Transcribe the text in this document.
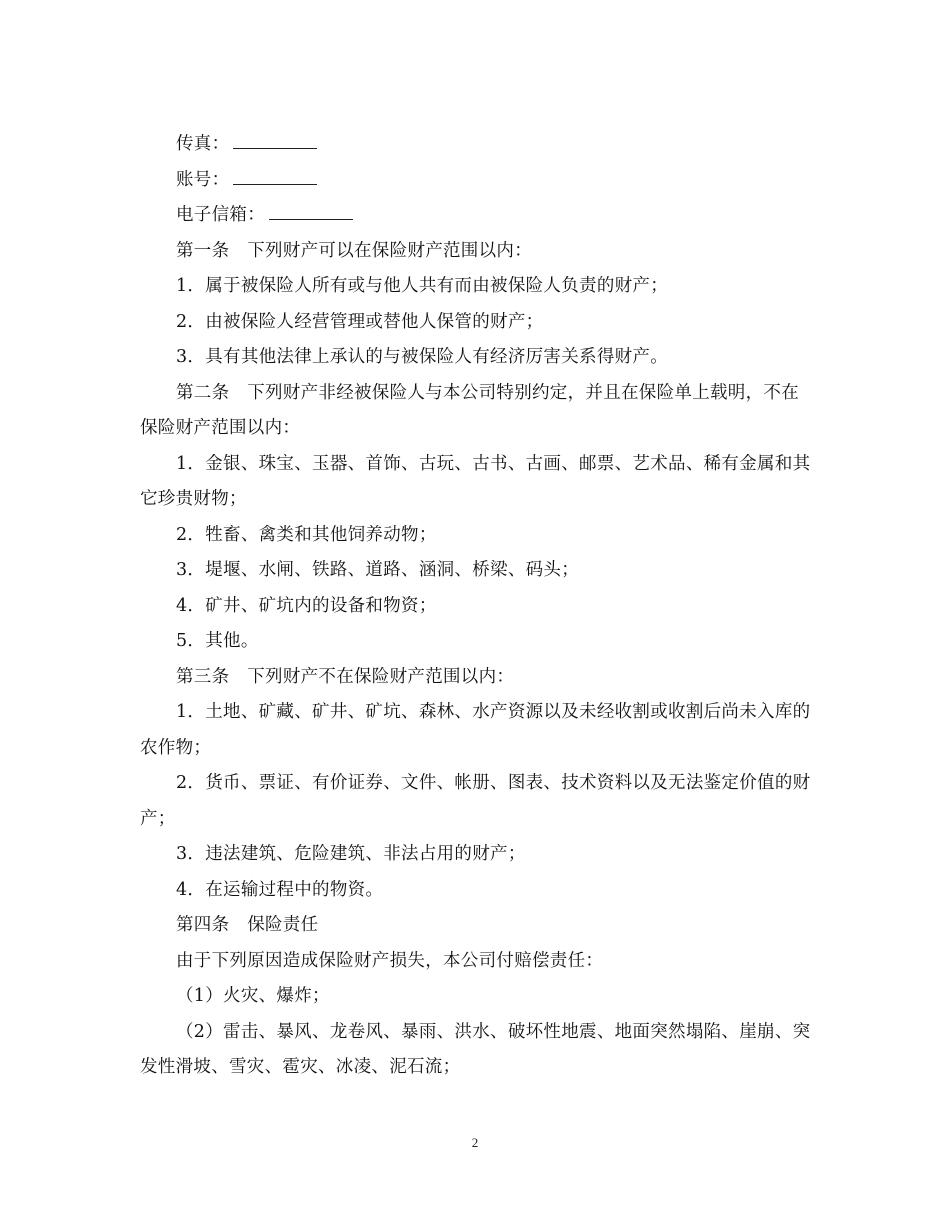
传真：

账号：

电子信箱：

第一条　下列财产可以在保险财产范围以内：

1．属于被保险人所有或与他人共有而由被保险人负责的财产；

2．由被保险人经营管理或替他人保管的财产；

3．具有其他法律上承认的与被保险人有经济厉害关系得财产。

第二条　下列财产非经被保险人与本公司特别约定，并且在保险单上载明，不在保险财产范围以内：

1．金银、珠宝、玉器、首饰、古玩、古书、古画、邮票、艺术品、稀有金属和其它珍贵财物；

2．牲畜、禽类和其他饲养动物；

3．堤堰、水闸、铁路、道路、涵洞、桥梁、码头；

4．矿井、矿坑内的设备和物资；

5．其他。

第三条　下列财产不在保险财产范围以内：

1．土地、矿藏、矿井、矿坑、森林、水产资源以及未经收割或收割后尚未入库的农作物；

2．货币、票证、有价证券、文件、帐册、图表、技术资料以及无法鉴定价值的财产；

3．违法建筑、危险建筑、非法占用的财产；

4．在运输过程中的物资。

第四条　保险责任

由于下列原因造成保险财产损失，本公司付赔偿责任：

（1）火灾、爆炸；

（2）雷击、暴风、龙卷风、暴雨、洪水、破坏性地震、地面突然塌陷、崖崩、突发性滑坡、雪灾、雹灾、冰凌、泥石流；

2
